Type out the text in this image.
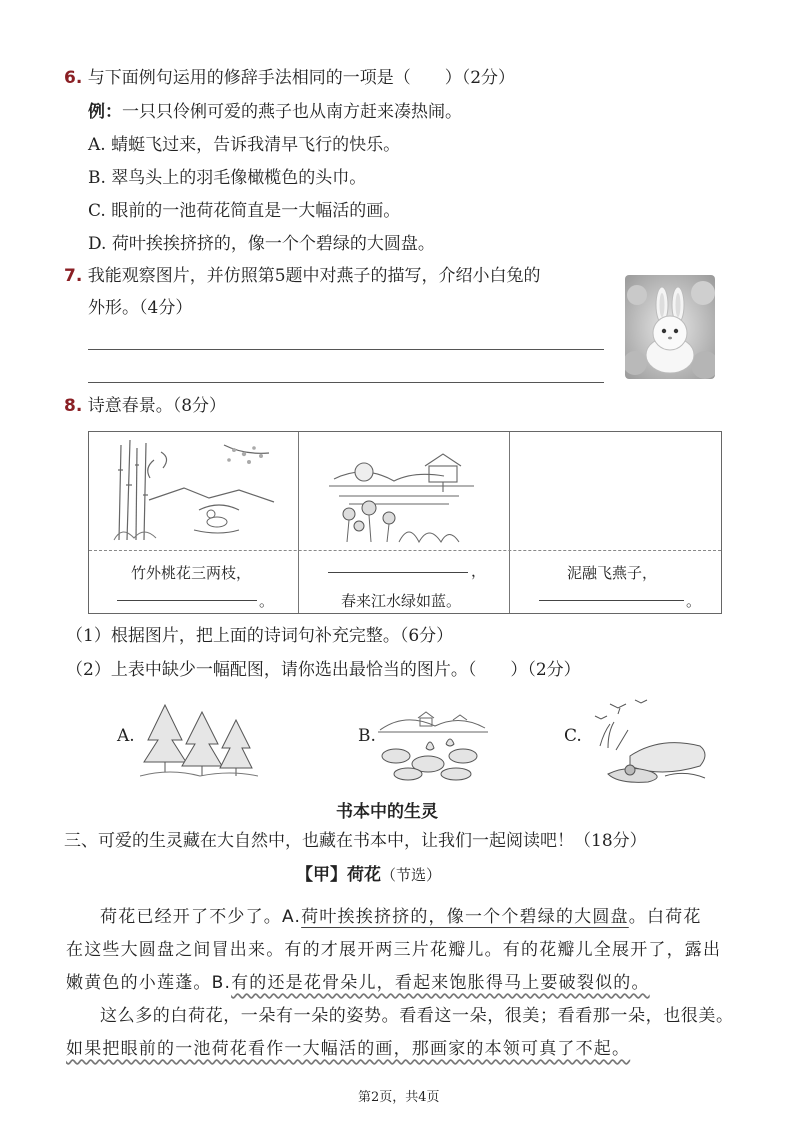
6. 与下面例句运用的修辞手法相同的一项是（　　）（2分）
例：一只只伶俐可爱的燕子也从南方赶来凑热闹。
A. 蜻蜓飞过来，告诉我清早飞行的快乐。
B. 翠鸟头上的羽毛像橄榄色的头巾。
C. 眼前的一池荷花简直是一大幅活的画。
D. 荷叶挨挨挤挤的，像一个个碧绿的大圆盘。
7. 我能观察图片，并仿照第5题中对燕子的描写，介绍小白兔的
外形。（4分）
8. 诗意春景。（8分）
竹外桃花三两枝，
。
，
春来江水绿如蓝。
泥融飞燕子，
。
（1）根据图片，把上面的诗词句补充完整。（6分）
（2）上表中缺少一幅配图，请你选出最恰当的图片。（　　）（2分）
A.	B.	C.
书本中的生灵
三、可爱的生灵藏在大自然中，也藏在书本中，让我们一起阅读吧！（18分）
【甲】荷花（节选）
荷花已经开了不少了。A.荷叶挨挨挤挤的，像一个个碧绿的大圆盘。白荷花
在这些大圆盘之间冒出来。有的才展开两三片花瓣儿。有的花瓣儿全展开了，露出
嫩黄色的小莲蓬。B.有的还是花骨朵儿，看起来饱胀得马上要破裂似的。
这么多的白荷花，一朵有一朵的姿势。看看这一朵，很美；看看那一朵，也很美。
如果把眼前的一池荷花看作一大幅活的画，那画家的本领可真了不起。
第2页，共4页
